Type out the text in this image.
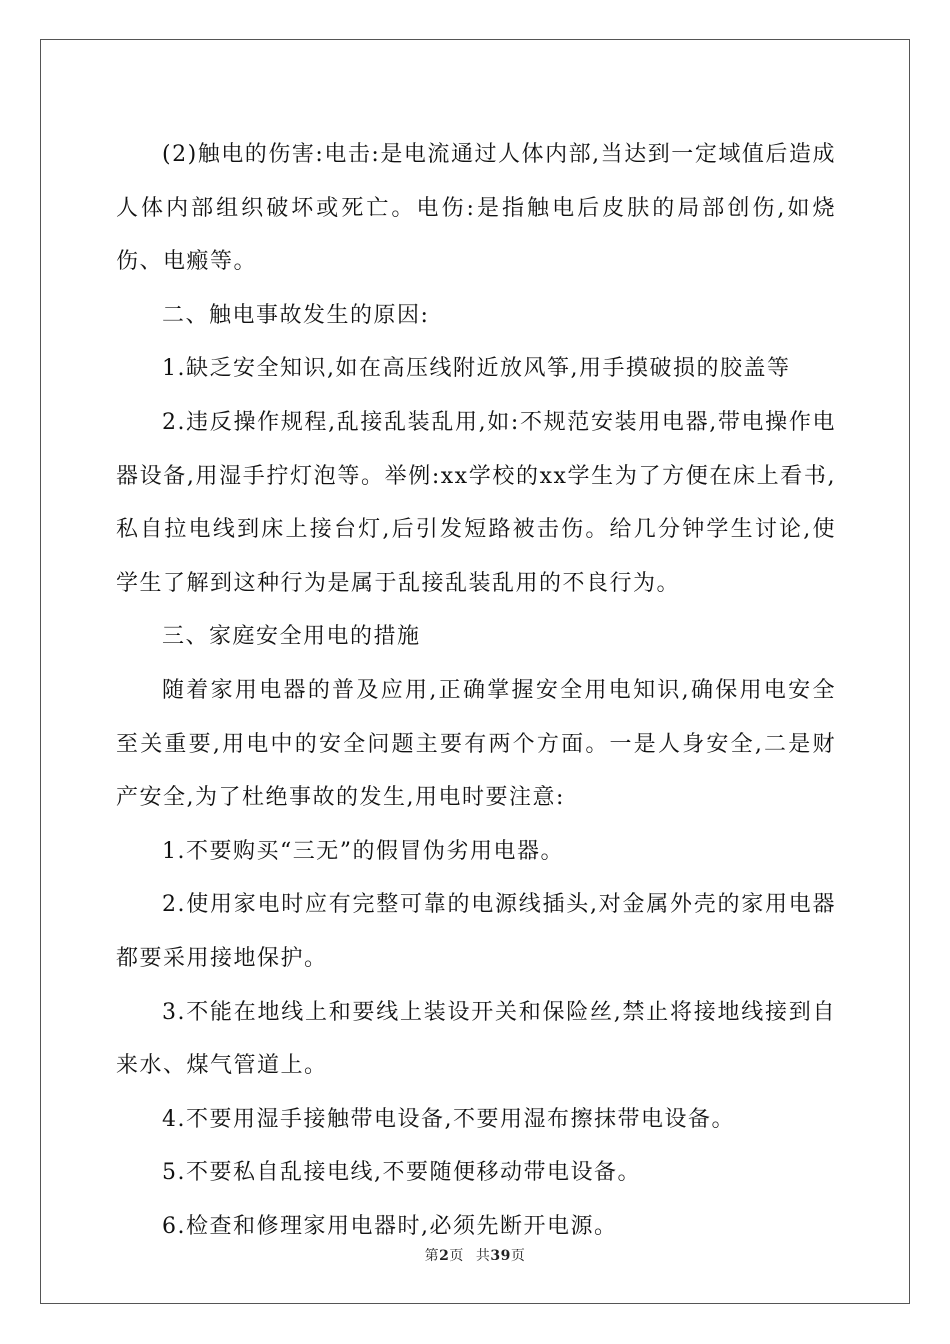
(2)触电的伤害:电击:是电流通过人体内部,当达到一定域值后造成人体内部组织破坏或死亡。电伤:是指触电后皮肤的局部创伤,如烧伤、电瘢等。

二、触电事故发生的原因:

1.缺乏安全知识,如在高压线附近放风筝,用手摸破损的胶盖等

2.违反操作规程,乱接乱装乱用,如:不规范安装用电器,带电操作电器设备,用湿手拧灯泡等。举例:xx学校的xx学生为了方便在床上看书,私自拉电线到床上接台灯,后引发短路被击伤。给几分钟学生讨论,使学生了解到这种行为是属于乱接乱装乱用的不良行为。

三、家庭安全用电的措施

随着家用电器的普及应用,正确掌握安全用电知识,确保用电安全至关重要,用电中的安全问题主要有两个方面。一是人身安全,二是财产安全,为了杜绝事故的发生,用电时要注意:

1.不要购买“三无”的假冒伪劣用电器。

2.使用家电时应有完整可靠的电源线插头,对金属外壳的家用电器都要采用接地保护。

3.不能在地线上和要线上装设开关和保险丝,禁止将接地线接到自来水、煤气管道上。

4.不要用湿手接触带电设备,不要用湿布擦抹带电设备。

5.不要私自乱接电线,不要随便移动带电设备。

6.检查和修理家用电器时,必须先断开电源。

第2页 共39页
